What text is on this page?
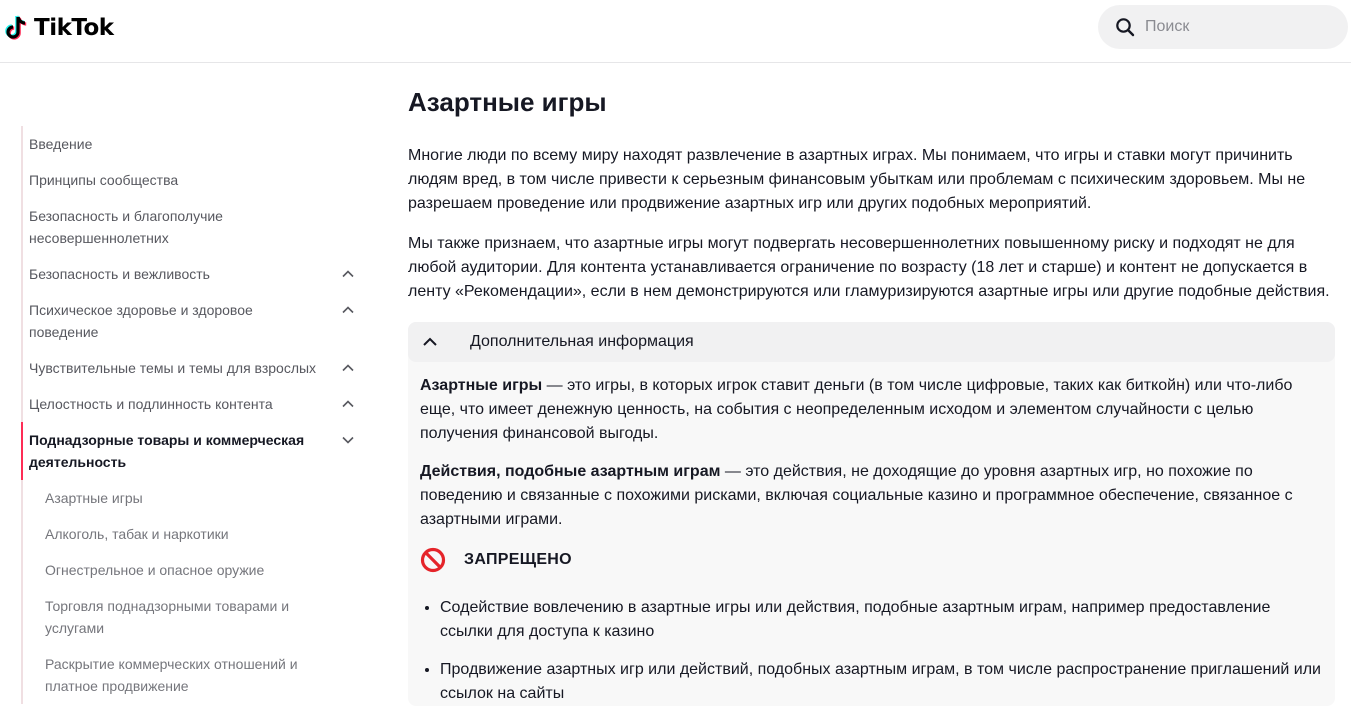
TikTok
Поиск
Введение
Принципы сообщества
Безопасность и благополучие несовершеннолетних
Безопасность и вежливость
Психическое здоровье и здоровое поведение
Чувствительные темы и темы для взрослых
Целостность и подлинность контента
Поднадзорные товары и коммерческая деятельность
Азартные игры
Алкоголь, табак и наркотики
Огнестрельное и опасное оружие
Торговля поднадзорными товарами и услугами
Раскрытие коммерческих отношений и платное продвижение
Азартные игры

Многие люди по всему миру находят развлечение в азартных играх. Мы понимаем, что игры и ставки могут причинить людям вред, в том числе привести к серьезным финансовым убыткам или проблемам с психическим здоровьем. Мы не разрешаем проведение или продвижение азартных игр или других подобных мероприятий.

Мы также признаем, что азартные игры могут подвергать несовершеннолетних повышенному риску и подходят не для любой аудитории. Для контента устанавливается ограничение по возрасту (18 лет и старше) и контент не допускается в ленту «Рекомендации», если в нем демонстрируются или гламуризируются азартные игры или другие подобные действия.

Дополнительная информация

Азартные игры — это игры, в которых игрок ставит деньги (в том числе цифровые, таких как биткойн) или что-либо еще, что имеет денежную ценность, на события с неопределенным исходом и элементом случайности с целью получения финансовой выгоды.

Действия, подобные азартным играм — это действия, не доходящие до уровня азартных игр, но похожие по поведению и связанные с похожими рисками, включая социальные казино и программное обеспечение, связанное с азартными играми.

ЗАПРЕЩЕНО
• Содействие вовлечению в азартные игры или действия, подобные азартным играм, например предоставление ссылки для доступа к казино
• Продвижение азартных игр или действий, подобных азартным играм, в том числе распространение приглашений или ссылок на сайты
